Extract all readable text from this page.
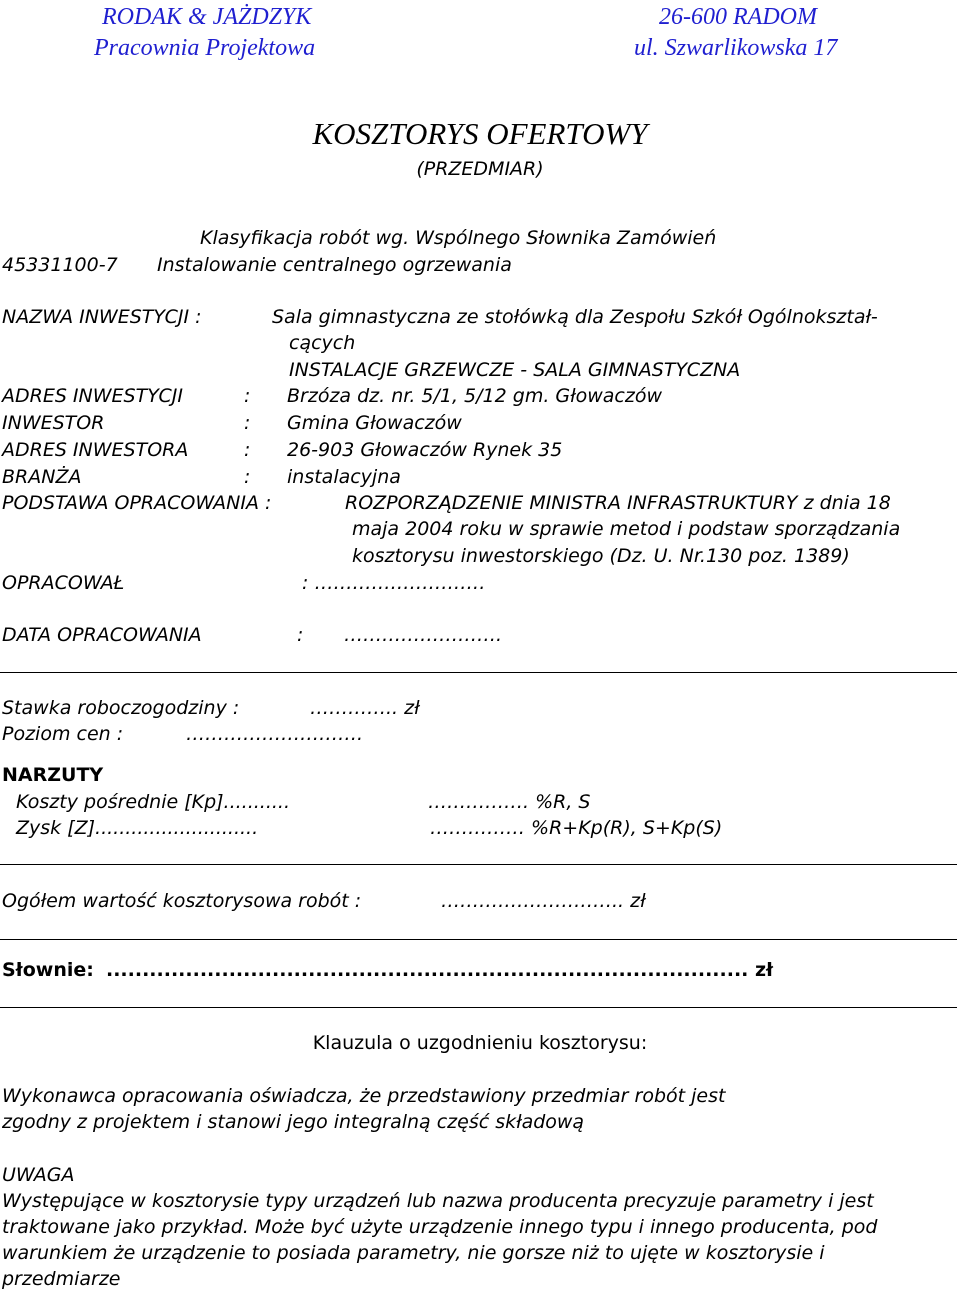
RODAK & JAŻDZYK
Pracownia Projektowa
26-600 RADOM
ul. Szwarlikowska 17
KOSZTORYS OFERTOWY
(PRZEDMIAR)
Klasyfikacja robót wg. Wspólnego Słownika Zamówień
45331100-7 Instalowanie centralnego ogrzewania
NAZWA INWESTYCJI :	Sala gimnastyczna ze stołówką dla Zespołu Szkół Ogólnokształ-
cących
INSTALACJE GRZEWCZE - SALA GIMNASTYCZNA
ADRES INWESTYCJI	: Brzóza dz. nr. 5/1, 5/12 gm. Głowaczów
INWESTOR	: Gmina Głowaczów
ADRES INWESTORA	: 26-903 Głowaczów Rynek 35
BRANŻA	: instalacyjna
PODSTAWA OPRACOWANIA :	ROZPORZĄDZENIE MINISTRA INFRASTRUKTURY z dnia 18
maja 2004 roku w sprawie metod i podstaw sporządzania
kosztorysu inwestorskiego (Dz. U. Nr.130 poz. 1389)
OPRACOWAŁ	: ………………………
DATA OPRACOWANIA	: …………………….
Stawka roboczogodziny :	………….. zł
Poziom cen :	……………………….
NARZUTY
Koszty pośrednie [Kp]...........	……………. %R, S
Zysk [Z]...........................	…………… %R+Kp(R), S+Kp(S)
Ogółem wartość kosztorysowa robót :	……………………….. zł
Słownie: ......................................................................................... zł
Klauzula o uzgodnieniu kosztorysu:
Wykonawca opracowania oświadcza, że przedstawiony przedmiar robót jest
zgodny z projektem i stanowi jego integralną część składową
UWAGA
Występujące w kosztorysie typy urządzeń lub nazwa producenta precyzuje parametry i jest
traktowane jako przykład. Może być użyte urządzenie innego typu i innego producenta, pod
warunkiem że urządzenie to posiada parametry, nie gorsze niż to ujęte w kosztorysie i
przedmiarze
